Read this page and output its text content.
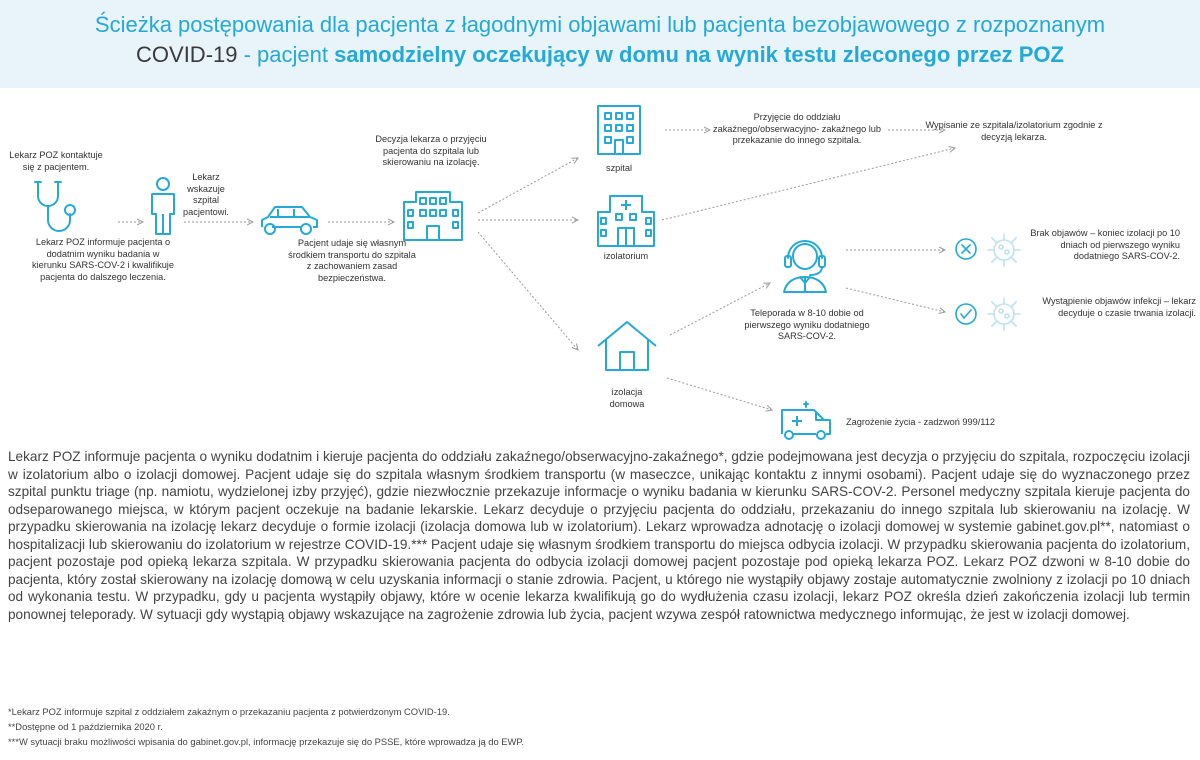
Ścieżka postępowania dla pacjenta z łagodnymi objawami lub pacjenta bezobjawowego z rozpoznanym
COVID-19 - pacjent samodzielny oczekujący w domu na wynik testu zleconego przez POZ
Lekarz POZ kontaktuje się z pacjentem.
Lekarz POZ informuje pacjenta o dodatnim wyniku badania w kierunku SARS-COV-2 i kwalifikuje pacjenta do dalszego leczenia.
Lekarz wskazuje szpital pacjentowi.
Pacjent udaje się własnym środkiem transportu do szpitala z zachowaniem zasad bezpieczeństwa.
Decyzja lekarza o przyjęciu pacjenta do szpitala lub skierowaniu na izolację.
szpital
izolatorium
izolacja domowa
Przyjęcie do oddziału zakaźnego/obserwacyjno- zakaźnego lub przekazanie do innego szpitala.
Wypisanie ze szpitala/izolatorium zgodnie z decyzją lekarza.
Teleporada w 8-10 dobie od pierwszego wyniku dodatniego SARS-COV-2.
Brak objawów – koniec izolacji po 10 dniach od pierwszego wyniku dodatniego SARS-COV-2.
Wystąpienie objawów infekcji – lekarz decyduje o czasie trwania izolacji.
Zagrożenie życia - zadzwoń 999/112
Lekarz POZ informuje pacjenta o wyniku dodatnim i kieruje pacjenta do oddziału zakaźnego/obserwacyjno-zakaźnego*, gdzie podejmowana jest decyzja o przyjęciu do szpitala, rozpoczęciu izolacji w izolatorium albo o izolacji domowej. Pacjent udaje się do szpitala własnym środkiem transportu (w maseczce, unikając kontaktu z innymi osobami). Pacjent udaje się do wyznaczonego przez szpital punktu triage (np. namiotu, wydzielonej izby przyjęć), gdzie niezwłocznie przekazuje informacje o wyniku badania w kierunku SARS-COV-2. Personel medyczny szpitala kieruje pacjenta do odseparowanego miejsca, w którym pacjent oczekuje na badanie lekarskie. Lekarz decyduje o przyjęciu pacjenta do oddziału, przekazaniu do innego szpitala lub skierowaniu na izolację. W przypadku skierowania na izolację lekarz decyduje o formie izolacji (izolacja domowa lub w izolatorium). Lekarz wprowadza adnotację o izolacji domowej w systemie gabinet.gov.pl**, natomiast o hospitalizacji lub skierowaniu do izolatorium w rejestrze COVID-19.*** Pacjent udaje się własnym środkiem transportu do miejsca odbycia izolacji. W przypadku skierowania pacjenta do izolatorium, pacjent pozostaje pod opieką lekarza szpitala. W przypadku skierowania pacjenta do odbycia izolacji domowej pacjent pozostaje pod opieką lekarza POZ. Lekarz POZ dzwoni w 8-10 dobie do pacjenta, który został skierowany na izolację domową w celu uzyskania informacji o stanie zdrowia. Pacjent, u którego nie wystąpiły objawy zostaje automatycznie zwolniony z izolacji po 10 dniach od wykonania testu. W przypadku, gdy u pacjenta wystąpiły objawy, które w ocenie lekarza kwalifikują go do wydłużenia czasu izolacji, lekarz POZ określa dzień zakończenia izolacji lub termin ponownej teleporady. W sytuacji gdy wystąpią objawy wskazujące na zagrożenie zdrowia lub życia, pacjent wzywa zespół ratownictwa medycznego informując, że jest w izolacji domowej.
*Lekarz POZ informuje szpital z oddziałem zakaźnym o przekazaniu pacjenta z potwierdzonym COVID-19.
**Dostępne od 1 października 2020 r.
***W sytuacji braku możliwości wpisania do gabinet.gov.pl, informację przekazuje się do PSSE, które wprowadza ją do EWP.
